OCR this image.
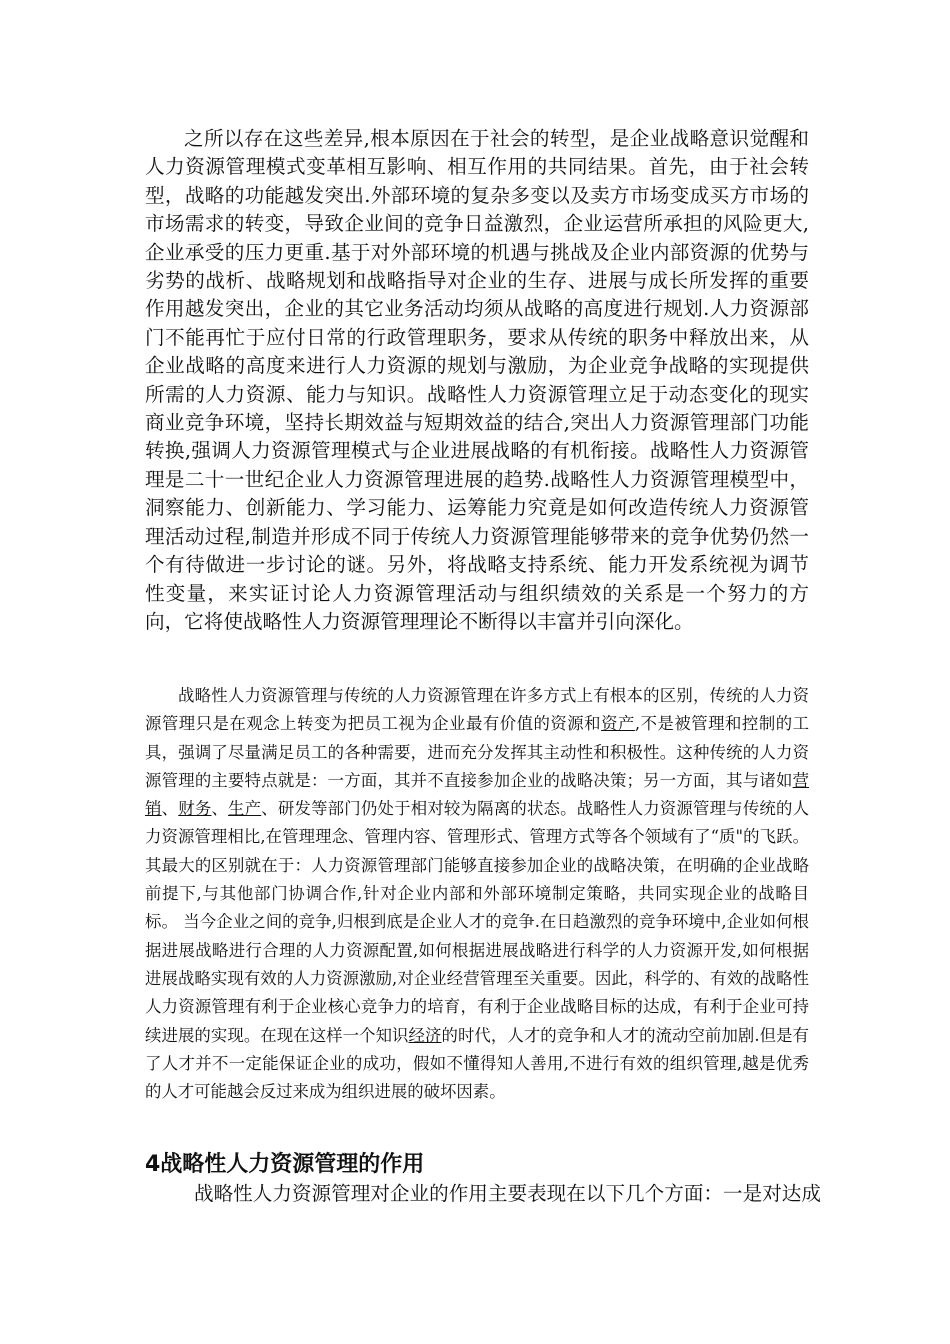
之所以存在这些差异,根本原因在于社会的转型，是企业战略意识觉醒和人力资源管理模式变革相互影响、相互作用的共同结果。首先，由于社会转型，战略的功能越发突出.外部环境的复杂多变以及卖方市场变成买方市场的市场需求的转变，导致企业间的竞争日益激烈，企业运营所承担的风险更大,企业承受的压力更重.基于对外部环境的机遇与挑战及企业内部资源的优势与劣势的战析、战略规划和战略指导对企业的生存、进展与成长所发挥的重要作用越发突出，企业的其它业务活动均须从战略的高度进行规划.人力资源部门不能再忙于应付日常的行政管理职务，要求从传统的职务中释放出来，从企业战略的高度来进行人力资源的规划与激励，为企业竞争战略的实现提供所需的人力资源、能力与知识。战略性人力资源管理立足于动态变化的现实商业竞争环境，坚持长期效益与短期效益的结合,突出人力资源管理部门功能转换,强调人力资源管理模式与企业进展战略的有机衔接。战略性人力资源管理是二十一世纪企业人力资源管理进展的趋势.战略性人力资源管理模型中，洞察能力、创新能力、学习能力、运筹能力究竟是如何改造传统人力资源管理活动过程,制造并形成不同于传统人力资源管理能够带来的竞争优势仍然一个有待做进一步讨论的谜。另外，将战略支持系统、能力开发系统视为调节性变量，来实证讨论人力资源管理活动与组织绩效的关系是一个努力的方向，它将使战略性人力资源管理理论不断得以丰富并引向深化。

战略性人力资源管理与传统的人力资源管理在许多方式上有根本的区别，传统的人力资源管理只是在观念上转变为把员工视为企业最有价值的资源和资产,不是被管理和控制的工具，强调了尽量满足员工的各种需要，进而充分发挥其主动性和积极性。这种传统的人力资源管理的主要特点就是：一方面，其并不直接参加企业的战略决策；另一方面，其与诸如营销、财务、生产、研发等部门仍处于相对较为隔离的状态。战略性人力资源管理与传统的人力资源管理相比,在管理理念、管理内容、管理形式、管理方式等各个领域有了“质"的飞跃。其最大的区别就在于：人力资源管理部门能够直接参加企业的战略决策，在明确的企业战略前提下,与其他部门协调合作,针对企业内部和外部环境制定策略，共同实现企业的战略目标。 当今企业之间的竞争,归根到底是企业人才的竞争.在日趋激烈的竞争环境中,企业如何根据进展战略进行合理的人力资源配置,如何根据进展战略进行科学的人力资源开发,如何根据进展战略实现有效的人力资源激励,对企业经营管理至关重要。因此，科学的、有效的战略性人力资源管理有利于企业核心竞争力的培育，有利于企业战略目标的达成，有利于企业可持续进展的实现。在现在这样一个知识经济的时代，人才的竞争和人才的流动空前加剧.但是有了人才并不一定能保证企业的成功，假如不懂得知人善用,不进行有效的组织管理,越是优秀的人才可能越会反过来成为组织进展的破坏因素。

4战略性人力资源管理的作用

战略性人力资源管理对企业的作用主要表现在以下几个方面：一是对达成
